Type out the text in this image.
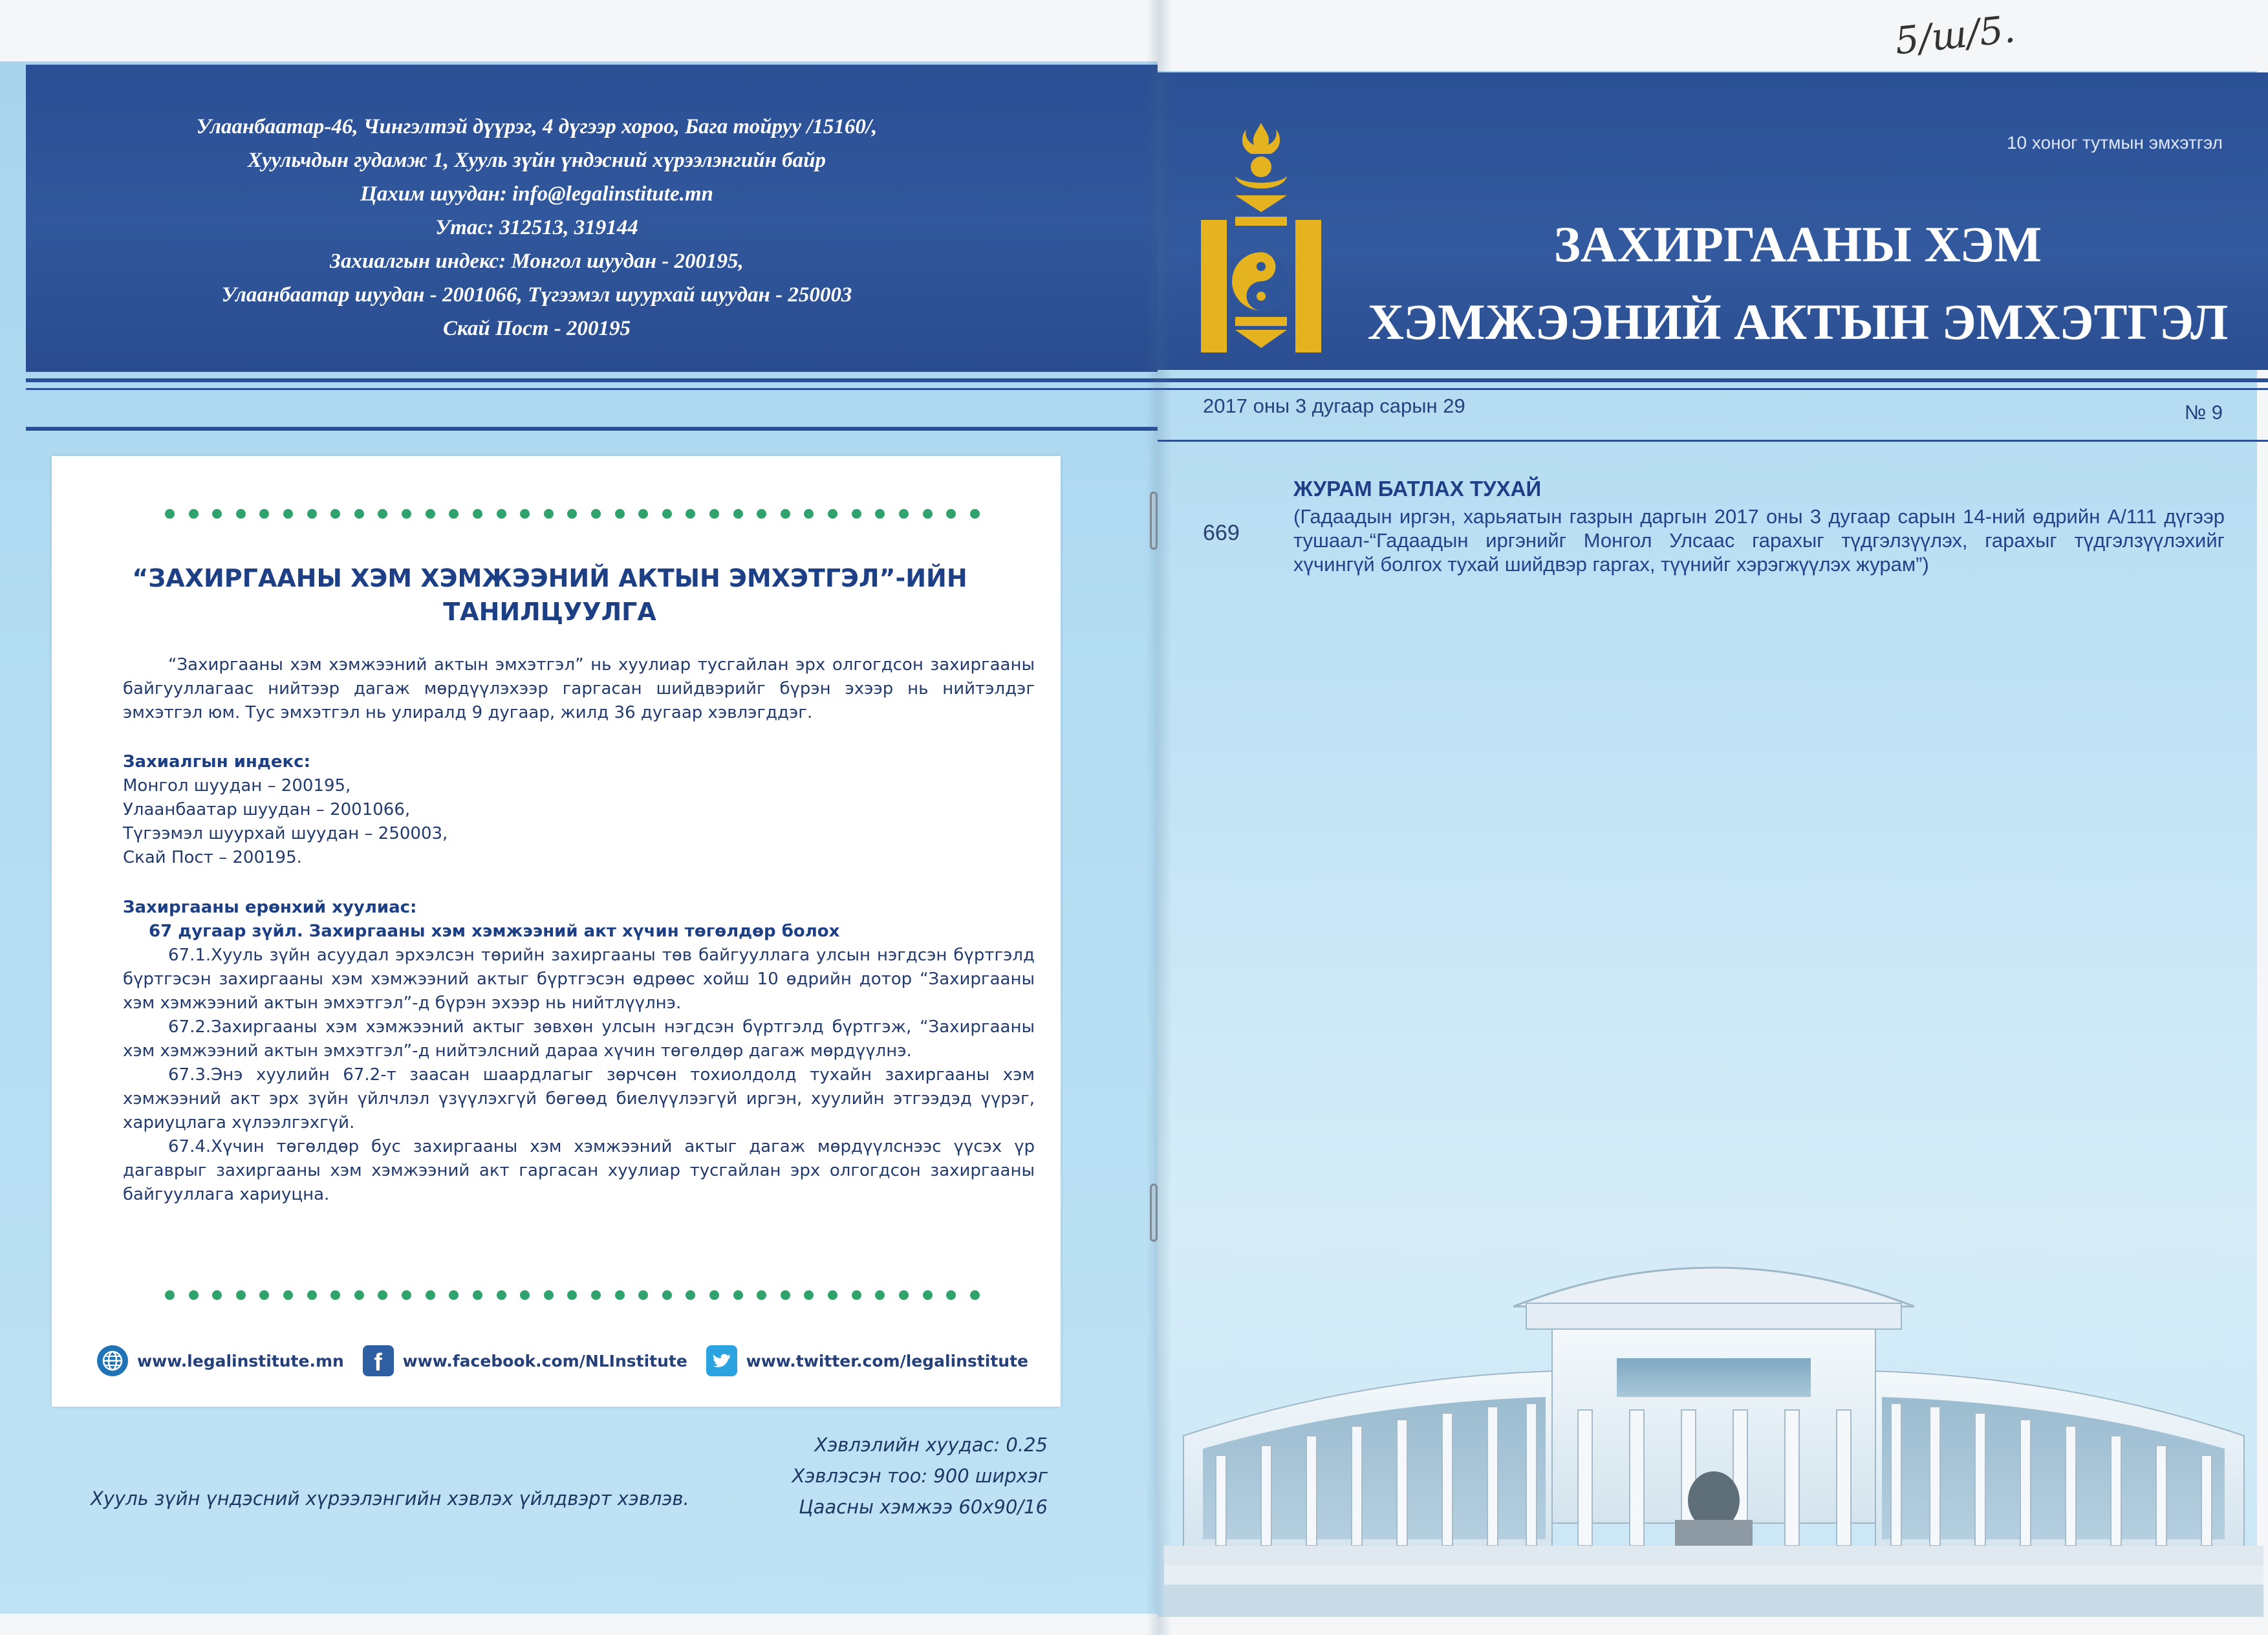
Улаанбаатар-46, Чингэлтэй дүүрэг, 4 дүгээр хороо, Бага тойруу /15160/,
Хуульчдын гудамж 1, Хууль зүйн үндэсний хүрээлэнгийн байр
Цахим шуудан: info@legalinstitute.mn
Утас: 312513, 319144
Захиалгын индекс: Монгол шуудан - 200195,
Улаанбаатар шуудан - 2001066, Түгээмэл шуурхай шуудан - 250003
Скай Пост - 200195
“ЗАХИРГААНЫ ХЭМ ХЭМЖЭЭНИЙ АКТЫН ЭМХЭТГЭЛ”-ИЙН
ТАНИЛЦУУЛГА

“Захиргааны хэм хэмжээний актын эмхэтгэл” нь хуулиар тусгайлан эрх олгогдсон захиргааны байгууллагаас нийтээр дагаж мөрдүүлэхээр гаргасан шийдвэрийг бүрэн эхээр нь нийтэлдэг эмхэтгэл юм. Тус эмхэтгэл нь улиралд 9 дугаар, жилд 36 дугаар хэвлэгддэг.

Захиалгын индекс:
Монгол шуудан – 200195,
Улаанбаатар шуудан – 2001066,
Түгээмэл шуурхай шуудан – 250003,
Скай Пост – 200195.
Захиргааны ерөнхий хуулиас:
67 дугаар зүйл. Захиргааны хэм хэмжээний акт хүчин төгөлдөр болох

67.1.Хууль зүйн асуудал эрхэлсэн төрийн захиргааны төв байгууллага улсын нэгдсэн бүртгэлд бүртгэсэн захиргааны хэм хэмжээний актыг бүртгэсэн өдрөөс хойш 10 өдрийн дотор “Захиргааны хэм хэмжээний актын эмхэтгэл”-д бүрэн эхээр нь нийтлүүлнэ.

67.2.Захиргааны хэм хэмжээний актыг зөвхөн улсын нэгдсэн бүртгэлд бүртгэж, “Захиргааны хэм хэмжээний актын эмхэтгэл”-д нийтэлсний дараа хүчин төгөлдөр дагаж мөрдүүлнэ.

67.3.Энэ хуулийн 67.2-т заасан шаардлагыг зөрчсөн тохиолдолд тухайн захиргааны хэм хэмжээний акт эрх зүйн үйлчлэл үзүүлэхгүй бөгөөд биелүүлээгүй иргэн, хуулийн этгээдэд үүрэг, хариуцлага хүлээлгэхгүй.

67.4.Хүчин төгөлдөр бус захиргааны хэм хэмжээний актыг дагаж мөрдүүлснээс үүсэх үр дагаврыг захиргааны хэм хэмжээний акт гаргасан хуулиар тусгайлан эрх олгогдсон захиргааны байгууллага хариуцна.

www.legalinstitute.mn f www.facebook.com/NLInstitute	www.twitter.com/legalinstitute
Хэвлэлийн хуудас: 0.25
Хэвлэсэн тоо: 900 ширхэг
Цаасны хэмжээ 60х90/16
Хууль зүйн үндэсний хүрээлэнгийн хэвлэх үйлдвэрт хэвлэв.
5/ш/5.
10 хоног тутмын эмхэтгэл
ЗАХИРГААНЫ ХЭМ
ХЭМЖЭЭНИЙ АКТЫН ЭМХЭТГЭЛ
2017 оны 3 дугаар сарын 29	№ 9
669
ЖУРАМ БАТЛАХ ТУХАЙ
(Гадаадын иргэн, харьяатын газрын даргын 2017 оны 3 дугаар сарын 14-ний өдрийн А/111 дүгээр тушаал-“Гадаадын иргэнийг Монгол Улсаас гарахыг түдгэлзүүлэх, гарахыг түдгэлзүүлэхийг хүчингүй болгох тухай шийдвэр гаргах, түүнийг хэрэгжүүлэх журам”)
